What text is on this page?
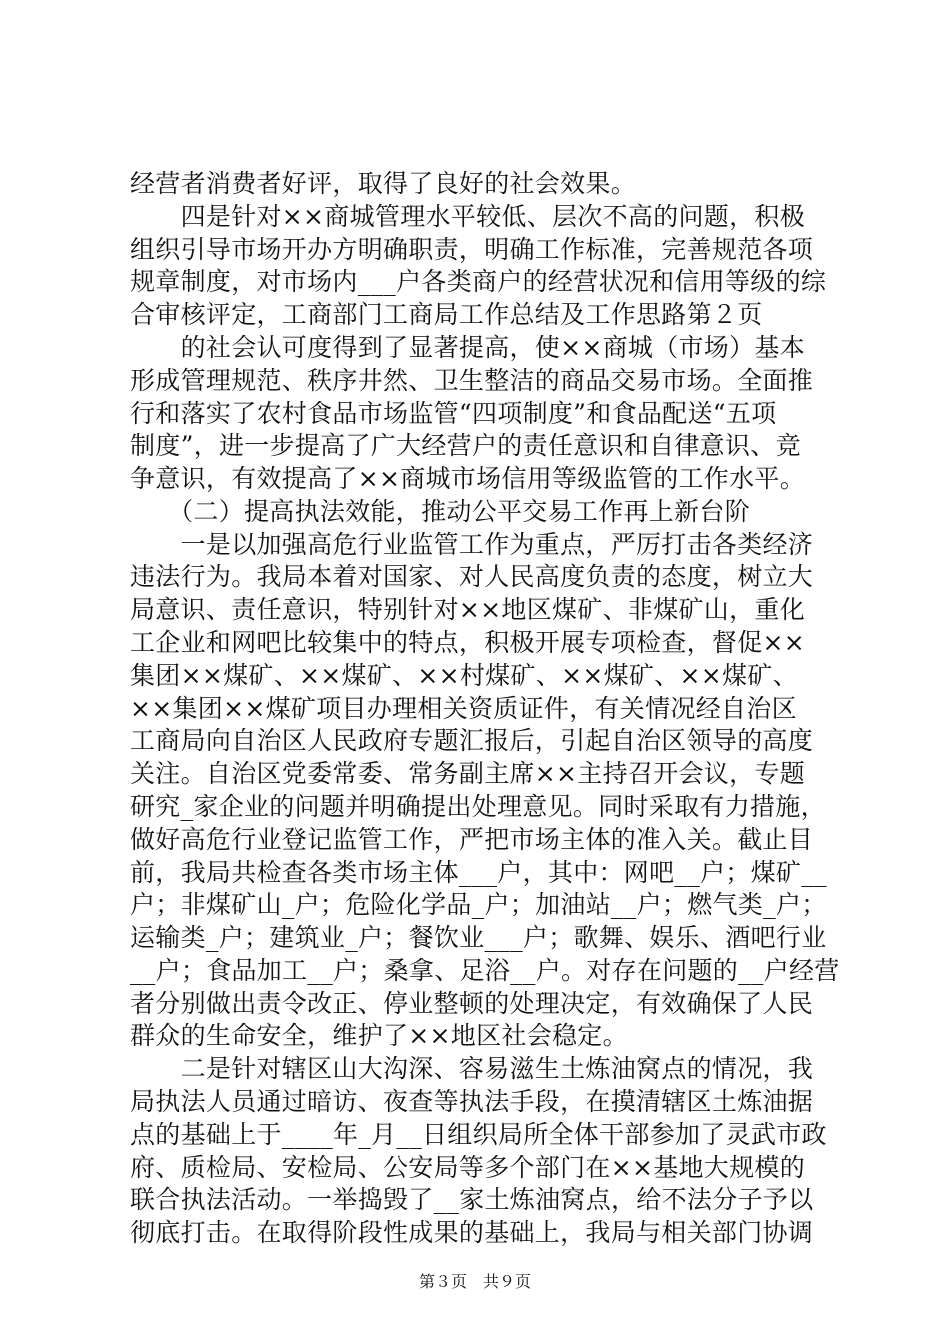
经营者消费者好评，取得了良好的社会效果。
　　四是针对××商城管理水平较低、层次不高的问题，积极
组织引导市场开办方明确职责，明确工作标准，完善规范各项
规章制度，对市场内___户各类商户的经营状况和信用等级的综
合审核评定，工商部门工商局工作总结及工作思路第２页
　　的社会认可度得到了显著提高，使××商城（市场）基本
形成管理规范、秩序井然、卫生整洁的商品交易市场。全面推
行和落实了农村食品市场监管“四项制度”和食品配送“五项
制度”，进一步提高了广大经营户的责任意识和自律意识、竞
争意识，有效提高了××商城市场信用等级监管的工作水平。
　　（二）提高执法效能，推动公平交易工作再上新台阶
　　一是以加强高危行业监管工作为重点，严厉打击各类经济
违法行为。我局本着对国家、对人民高度负责的态度，树立大
局意识、责任意识，特别针对××地区煤矿、非煤矿山，重化
工企业和网吧比较集中的特点，积极开展专项检查，督促××
集团××煤矿、××煤矿、××村煤矿、××煤矿、××煤矿、
××集团××煤矿项目办理相关资质证件，有关情况经自治区
工商局向自治区人民政府专题汇报后，引起自治区领导的高度
关注。自治区党委常委、常务副主席××主持召开会议，专题
研究_家企业的问题并明确提出处理意见。同时采取有力措施，
做好高危行业登记监管工作，严把市场主体的准入关。截止目
前，我局共检查各类市场主体___户，其中：网吧__户；煤矿__
户；非煤矿山_户；危险化学品_户；加油站__户；燃气类_户；
运输类_户；建筑业_户；餐饮业___户；歌舞、娱乐、酒吧行业
__户；食品加工__户；桑拿、足浴__户。对存在问题的__户经营
者分别做出责令改正、停业整顿的处理决定，有效确保了人民
群众的生命安全，维护了××地区社会稳定。
　　二是针对辖区山大沟深、容易滋生土炼油窝点的情况，我
局执法人员通过暗访、夜查等执法手段，在摸清辖区土炼油据
点的基础上于____年_月__日组织局所全体干部参加了灵武市政
府、质检局、安检局、公安局等多个部门在××基地大规模的
联合执法活动。一举捣毁了__家土炼油窝点，给不法分子予以
彻底打击。在取得阶段性成果的基础上，我局与相关部门协调
第３页　共９页
